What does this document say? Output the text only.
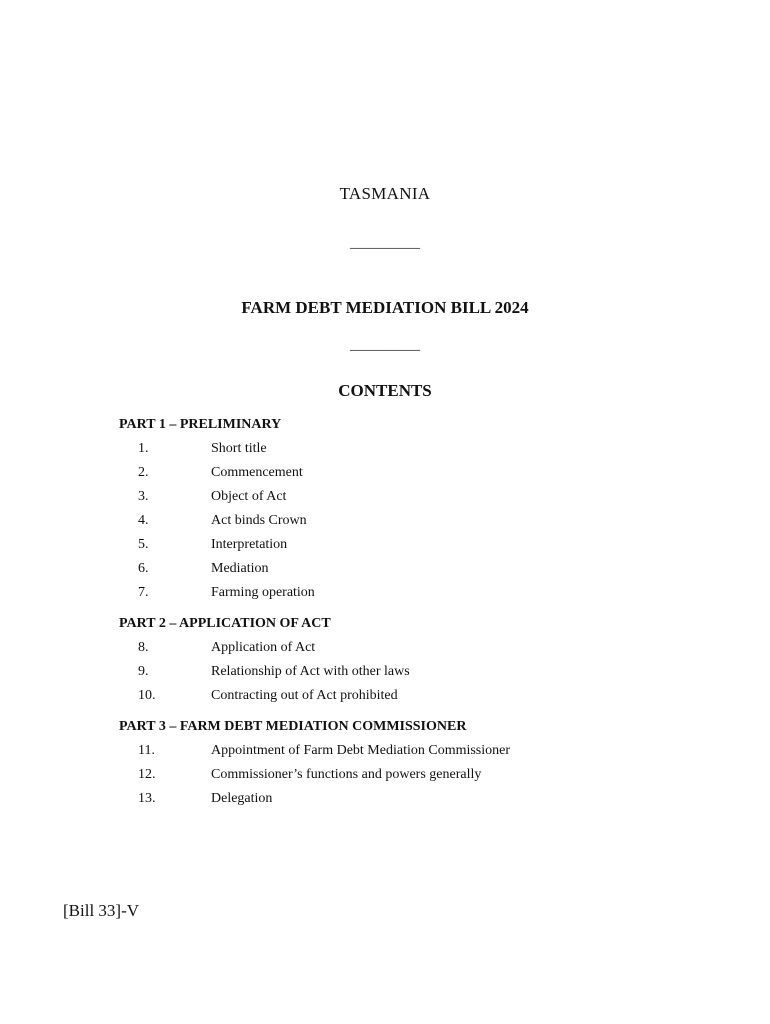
TASMANIA
__________
FARM DEBT MEDIATION BILL 2024
__________
CONTENTS
PART 1 – PRELIMINARY
1.	Short title
2.	Commencement
3.	Object of Act
4.	Act binds Crown
5.	Interpretation
6.	Mediation
7.	Farming operation
PART 2 – APPLICATION OF ACT
8.	Application of Act
9.	Relationship of Act with other laws
10.	Contracting out of Act prohibited
PART 3 – FARM DEBT MEDIATION COMMISSIONER
11.	Appointment of Farm Debt Mediation Commissioner
12.	Commissioner’s functions and powers generally
13.	Delegation
[Bill 33]-V
